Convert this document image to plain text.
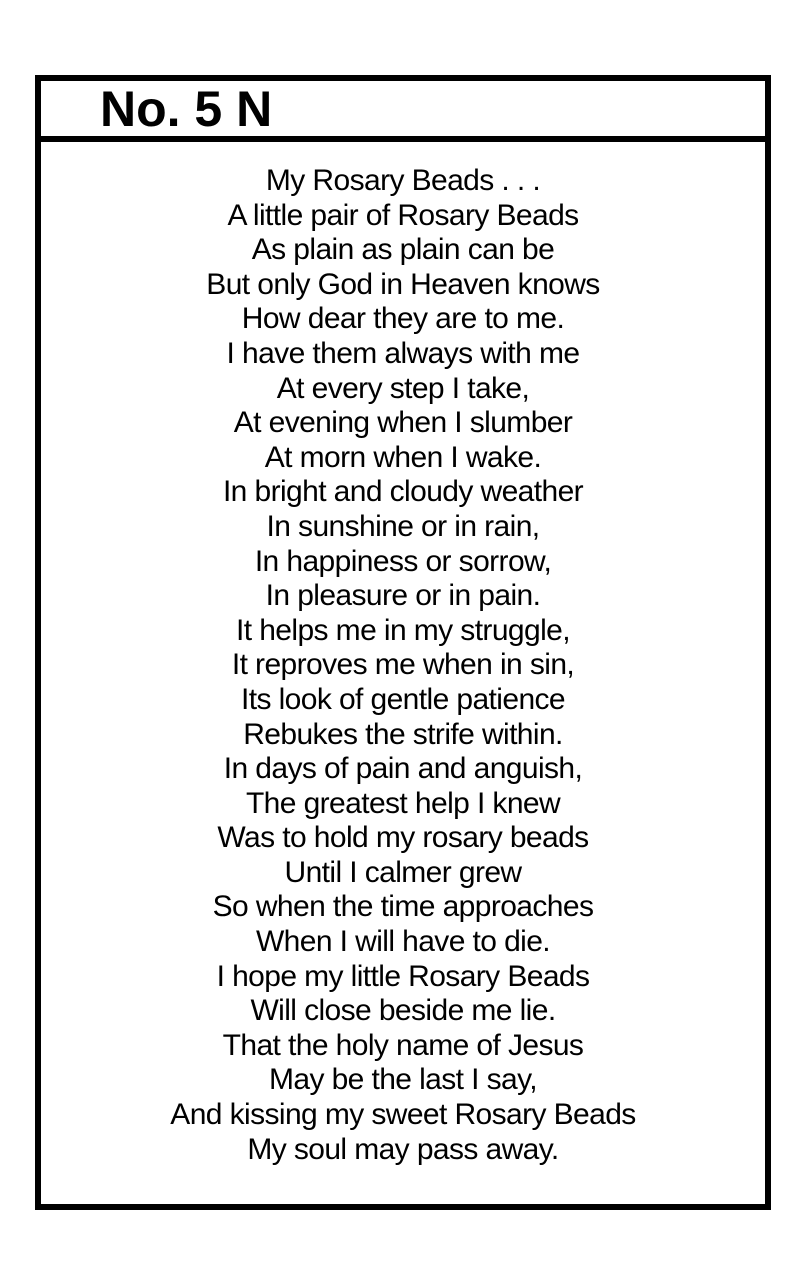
No. 5 N
My Rosary Beads . . .
A little pair of Rosary Beads
As plain as plain can be
But only God in Heaven knows
How dear they are to me.
I have them always with me
At every step I take,
At evening when I slumber
At morn when I wake.
In bright and cloudy weather
In sunshine or in rain,
In happiness or sorrow,
In pleasure or in pain.
It helps me in my struggle,
It reproves me when in sin,
Its look of gentle patience
Rebukes the strife within.
In days of pain and anguish,
The greatest help I knew
Was to hold my rosary beads
Until I calmer grew
So when the time approaches
When I will have to die.
I hope my little Rosary Beads
Will close beside me lie.
That the holy name of Jesus
May be the last I say,
And kissing my sweet Rosary Beads
My soul may pass away.
